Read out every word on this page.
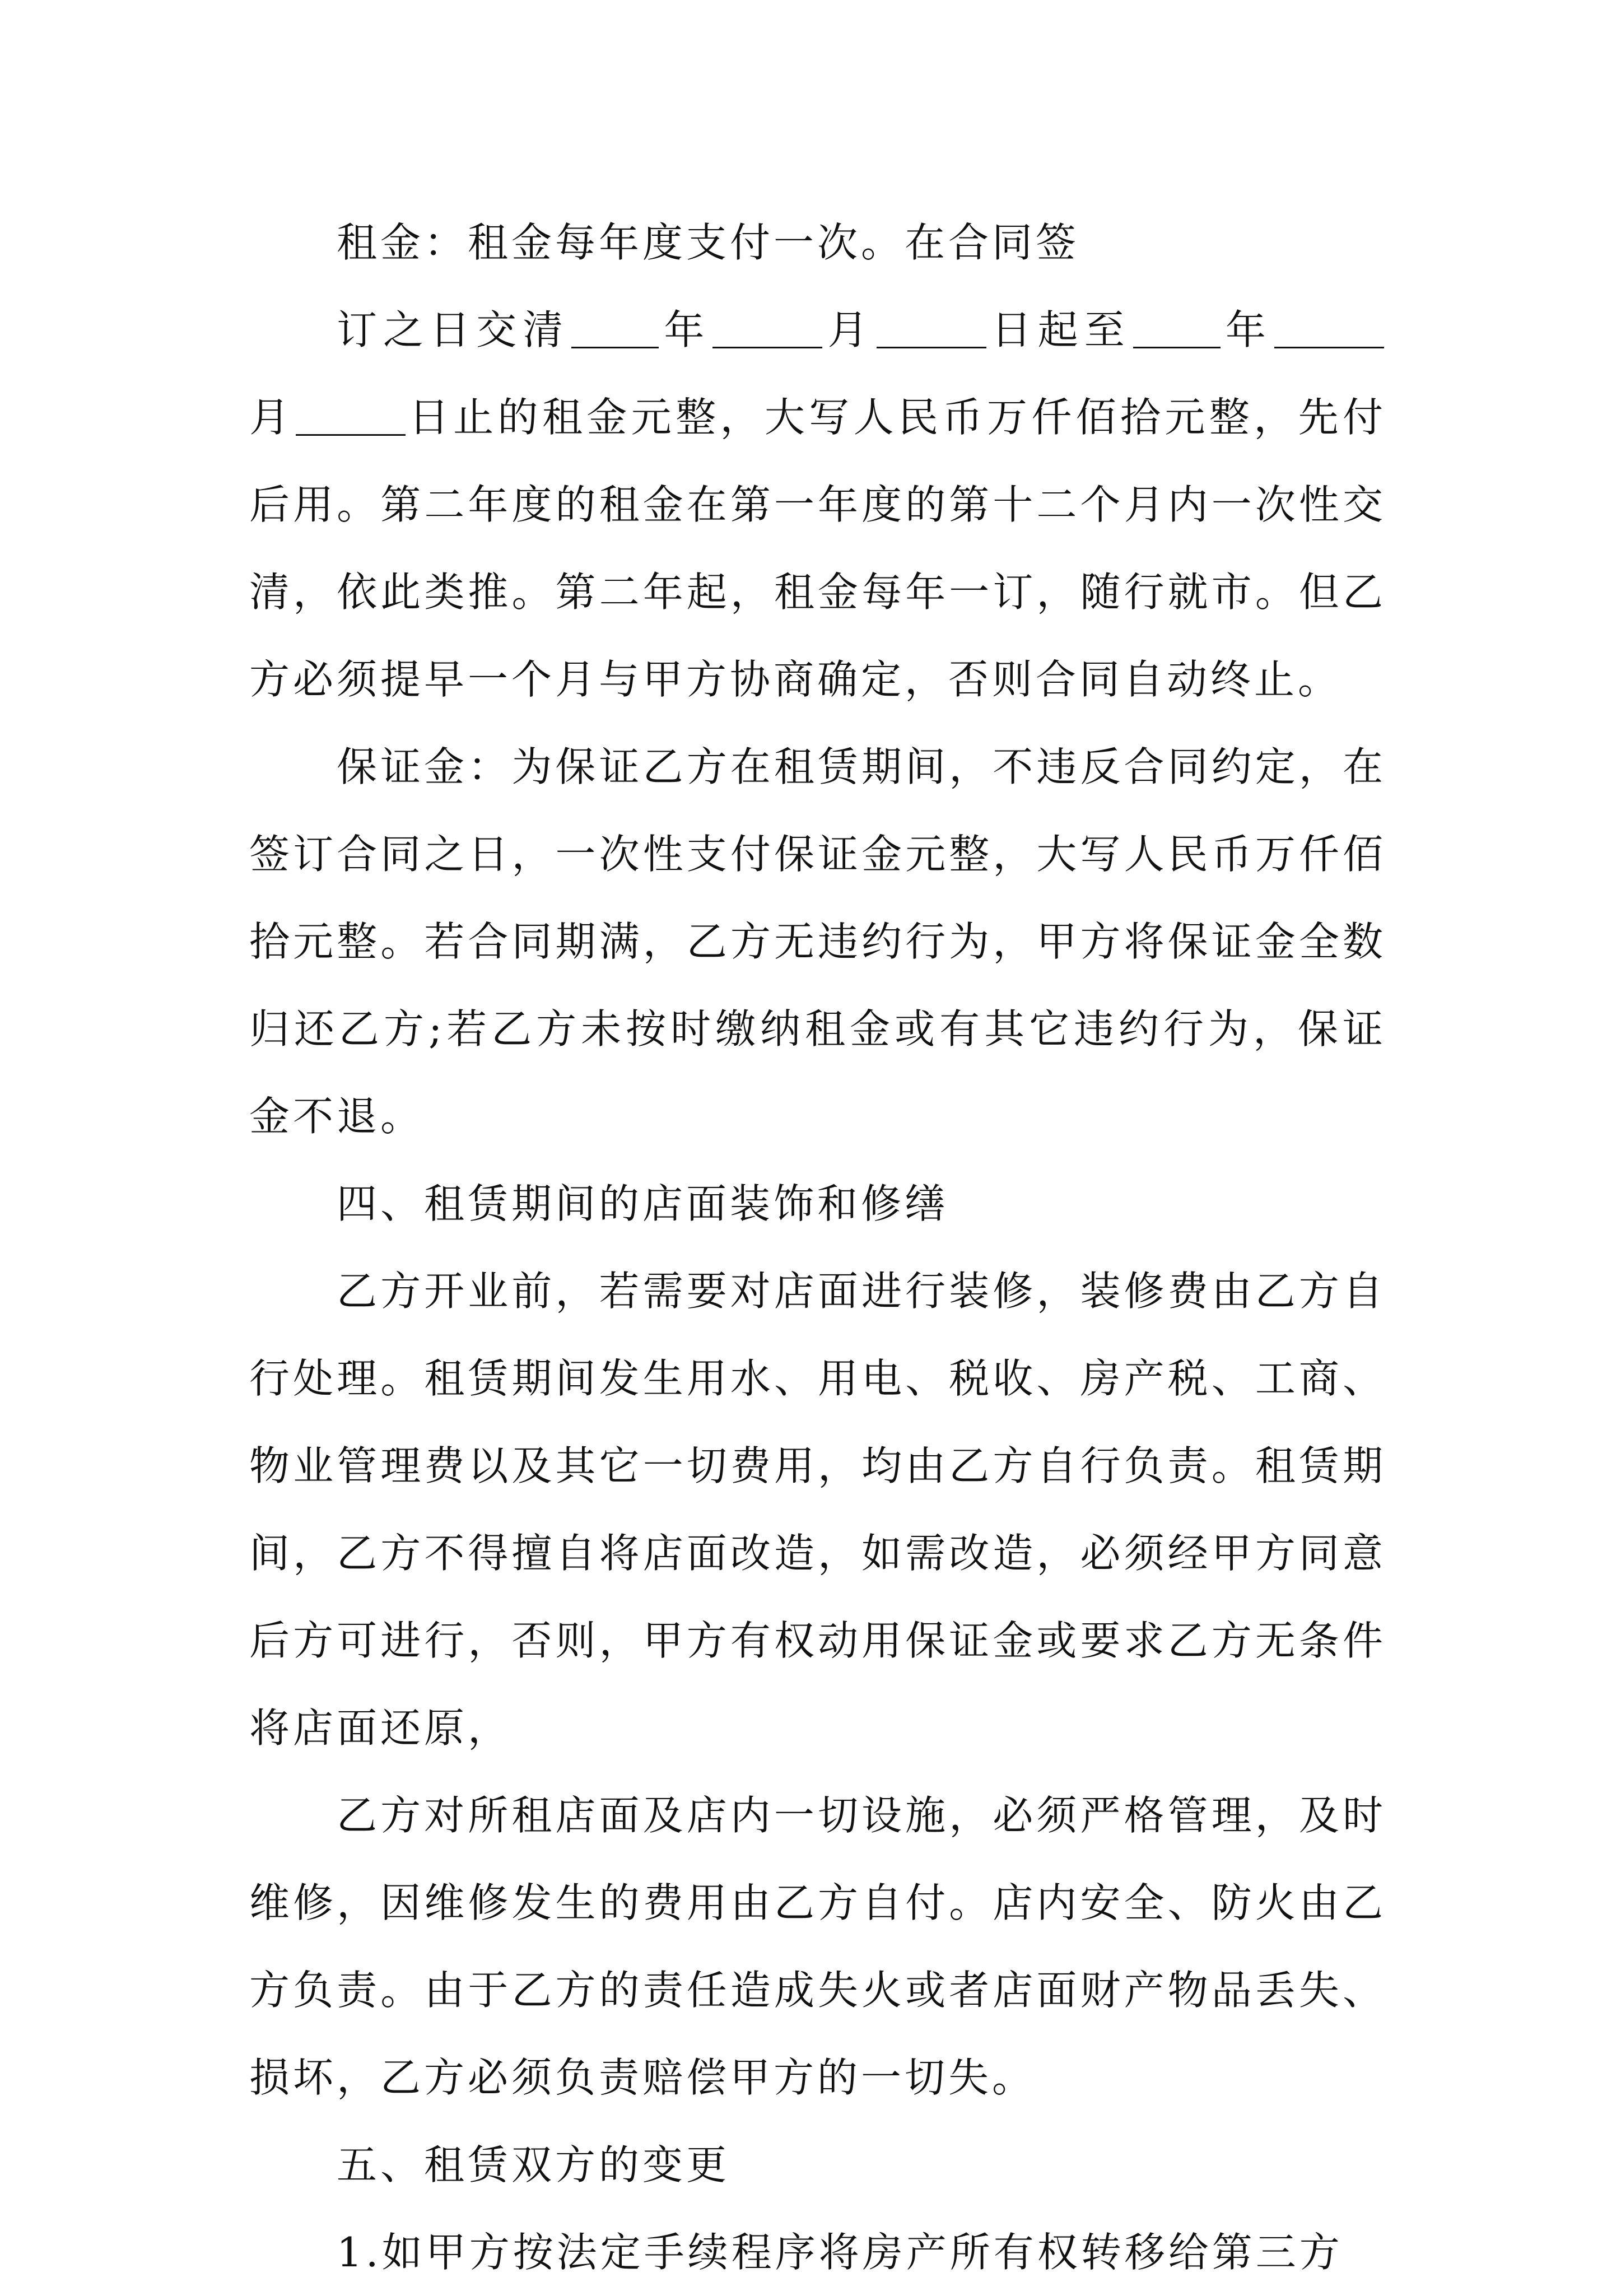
租金：租金每年度支付一次。在合同签

订之日交清 年	月	日起至 年月	日止的租金元整，大写人民币万仟佰拾元整，先付后用。第二年度的租金在第一年度的第十二个月内一次性交清，依此类推。第二年起，租金每年一订，随行就市。但乙方必须提早一个月与甲方协商确定，否则合同自动终止。

保证金：为保证乙方在租赁期间，不违反合同约定，在签订合同之日，一次性支付保证金元整，大写人民币万仟佰拾元整。若合同期满，乙方无违约行为，甲方将保证金全数归还乙方;若乙方未按时缴纳租金或有其它违约行为，保证金不退。

四、租赁期间的店面装饰和修缮

乙方开业前，若需要对店面进行装修，装修费由乙方自行处理。租赁期间发生用水、用电、税收、房产税、工商、物业管理费以及其它一切费用，均由乙方自行负责。租赁期间，乙方不得擅自将店面改造，如需改造，必须经甲方同意后方可进行，否则，甲方有权动用保证金或要求乙方无条件将店面还原，

乙方对所租店面及店内一切设施，必须严格管理，及时维修，因维修发生的费用由乙方自付。店内安全、防火由乙方负责。由于乙方的责任造成失火或者店面财产物品丢失、损坏，乙方必须负责赔偿甲方的一切失。

五、租赁双方的变更

1.如甲方按法定手续程序将房产所有权转移给第三方
